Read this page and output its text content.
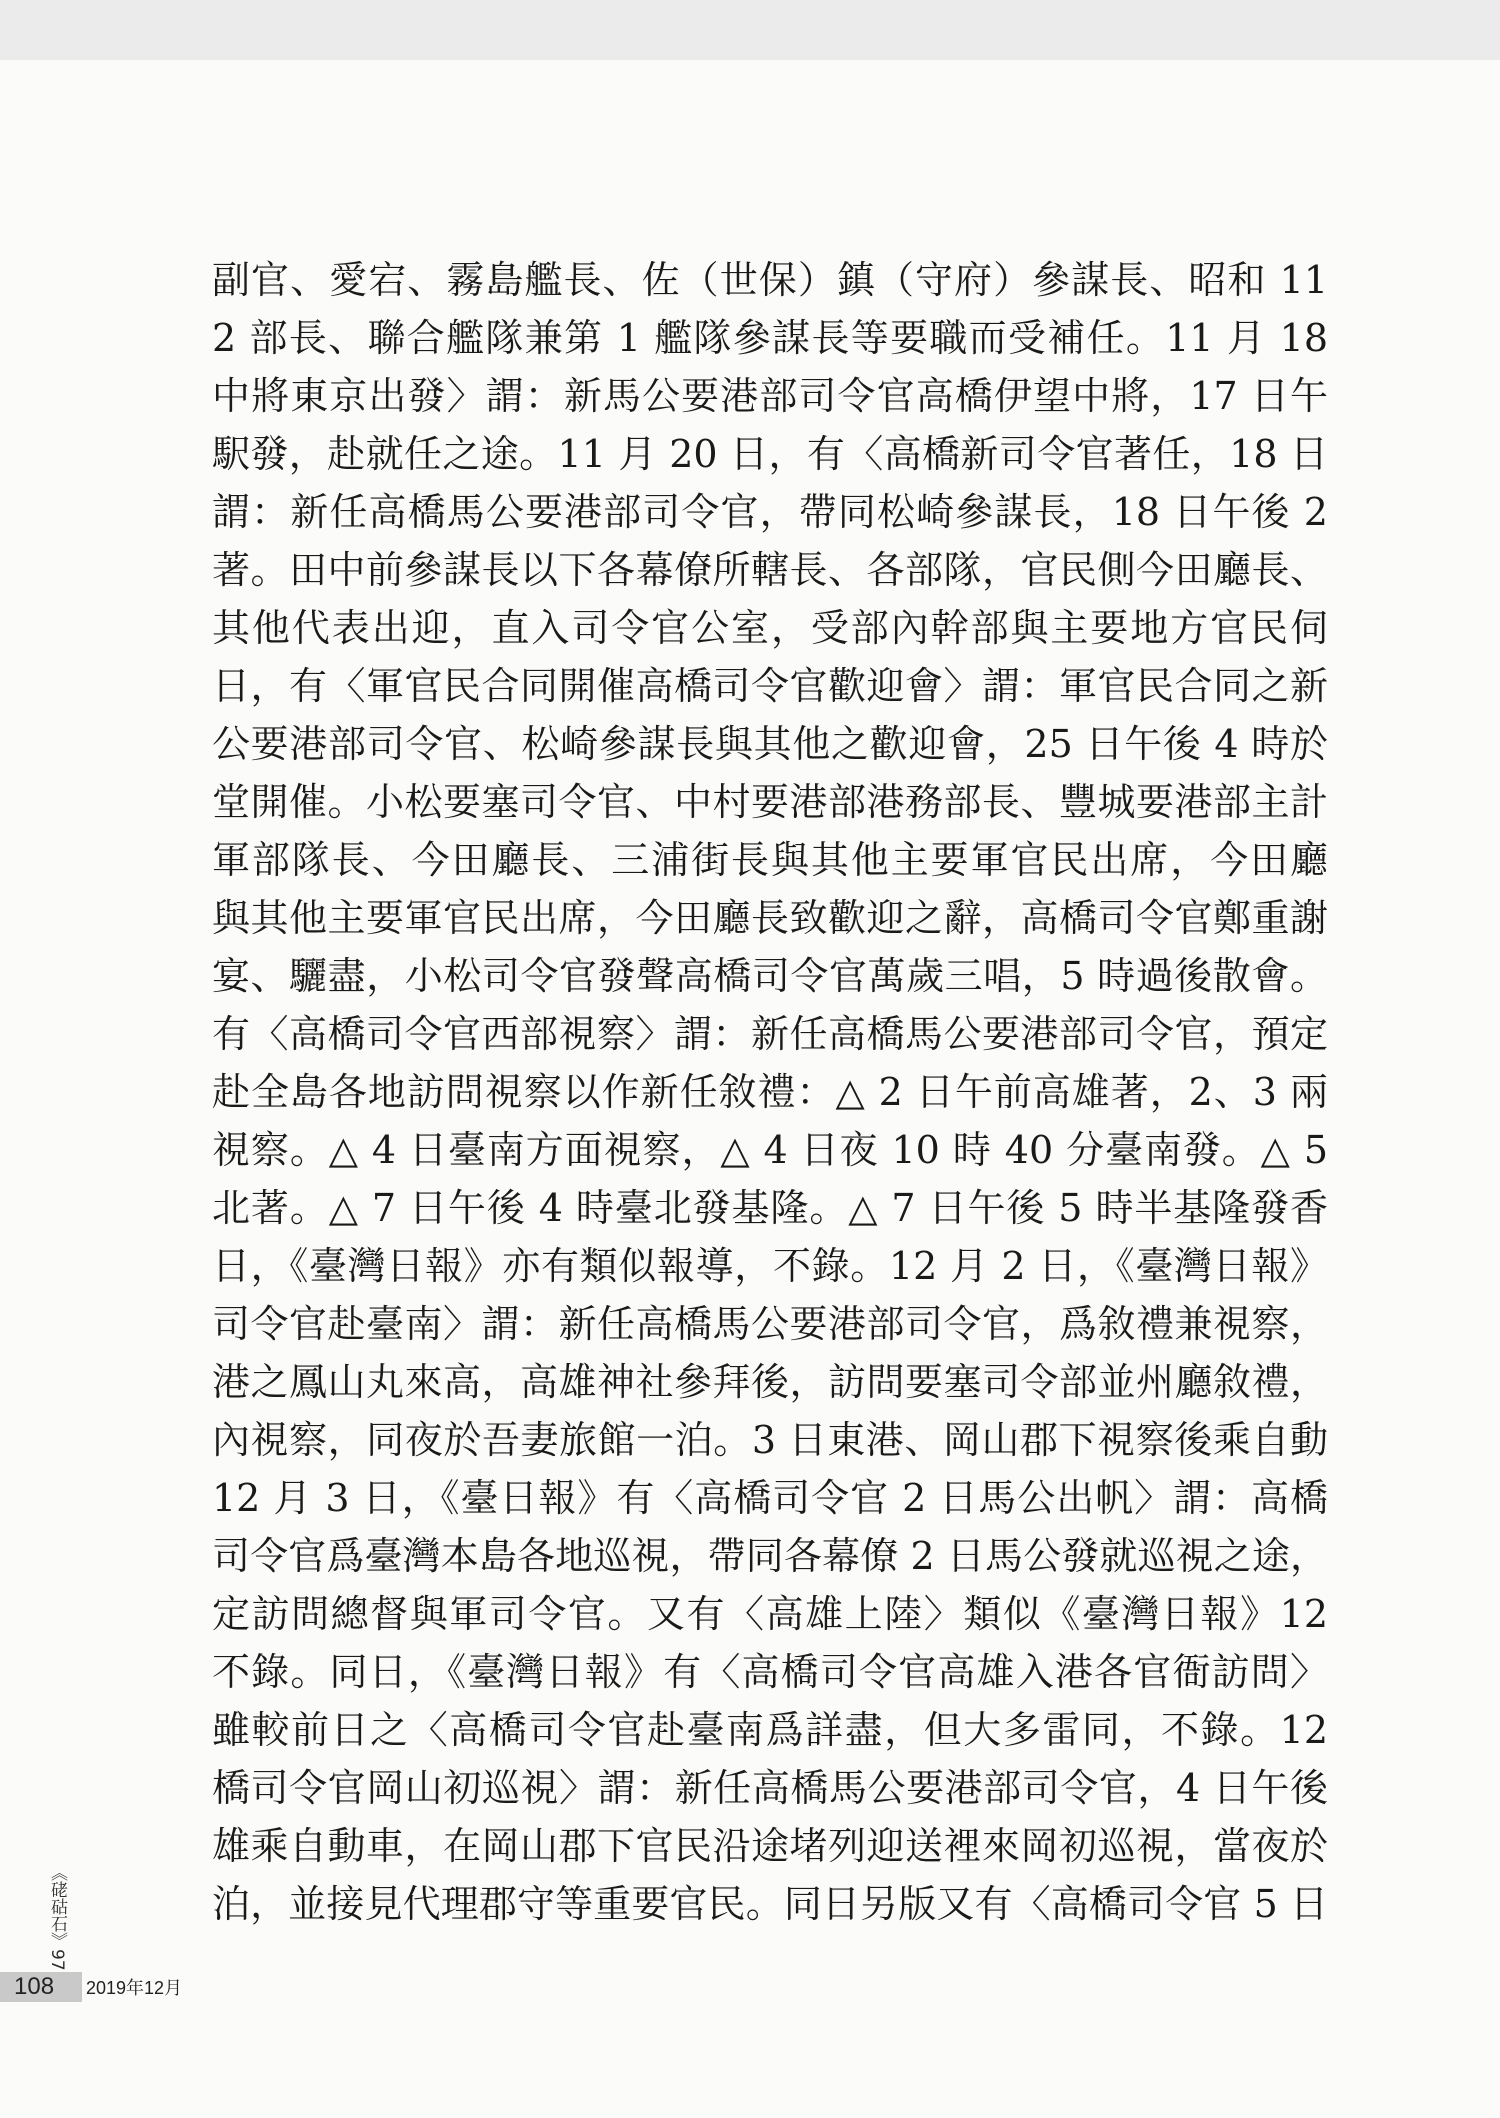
副官、愛宕、霧島艦長、佐（世保）鎮（守府）參謀長、昭和 11
2 部長、聯合艦隊兼第 1 艦隊參謀長等要職而受補任。11 月 18
中將東京出發〉謂：新馬公要港部司令官高橋伊望中將，17 日午
駅發，赴就任之途。11 月 20 日，有〈高橋新司令官著任，18 日
謂：新任高橋馬公要港部司令官，帶同松崎參謀長，18 日午後 2
著。田中前參謀長以下各幕僚所轄長、各部隊，官民側今田廳長、
其他代表出迎，直入司令官公室，受部內幹部與主要地方官民伺
日，有〈軍官民合同開催高橋司令官歡迎會〉謂：軍官民合同之新
公要港部司令官、松崎參謀長與其他之歡迎會，25 日午後 4 時於
堂開催。小松要塞司令官、中村要港部港務部長、豐城要港部主計
軍部隊長、今田廳長、三浦街長與其他主要軍官民出席，今田廳
與其他主要軍官民出席，今田廳長致歡迎之辭，高橋司令官鄭重謝
宴、驪盡，小松司令官發聲高橋司令官萬歲三唱，5 時過後散會。
有〈高橋司令官西部視察〉謂：新任高橋馬公要港部司令官，預定
赴全島各地訪問視察以作新任敘禮：△ 2 日午前高雄著，2、3 兩
視察。△ 4 日臺南方面視察，△ 4 日夜 10 時 40 分臺南發。△ 5
北著。△ 7 日午後 4 時臺北發基隆。△ 7 日午後 5 時半基隆發香
日，《臺灣日報》亦有類似報導，不錄。12 月 2 日，《臺灣日報》
司令官赴臺南〉謂：新任高橋馬公要港部司令官，爲敘禮兼視察，
港之鳳山丸來高，高雄神社參拜後，訪問要塞司令部並州廳敘禮，
內視察，同夜於吾妻旅館一泊。3 日東港、岡山郡下視察後乘自動
12 月 3 日，《臺日報》有〈高橋司令官 2 日馬公出帆〉謂：高橋
司令官爲臺灣本島各地巡視，帶同各幕僚 2 日馬公發就巡視之途，
定訪問總督與軍司令官。又有〈高雄上陸〉類似《臺灣日報》12
不錄。同日，《臺灣日報》有〈高橋司令官高雄入港各官衙訪問〉
雖較前日之〈高橋司令官赴臺南爲詳盡，但大多雷同，不錄。12
橋司令官岡山初巡視〉謂：新任高橋馬公要港部司令官，4 日午後
雄乘自動車，在岡山郡下官民沿途堵列迎送裡來岡初巡視，當夜於
泊，並接見代理郡守等重要官民。同日另版又有〈高橋司令官 5 日
《硓𥑮石》97
108 2019年12月
